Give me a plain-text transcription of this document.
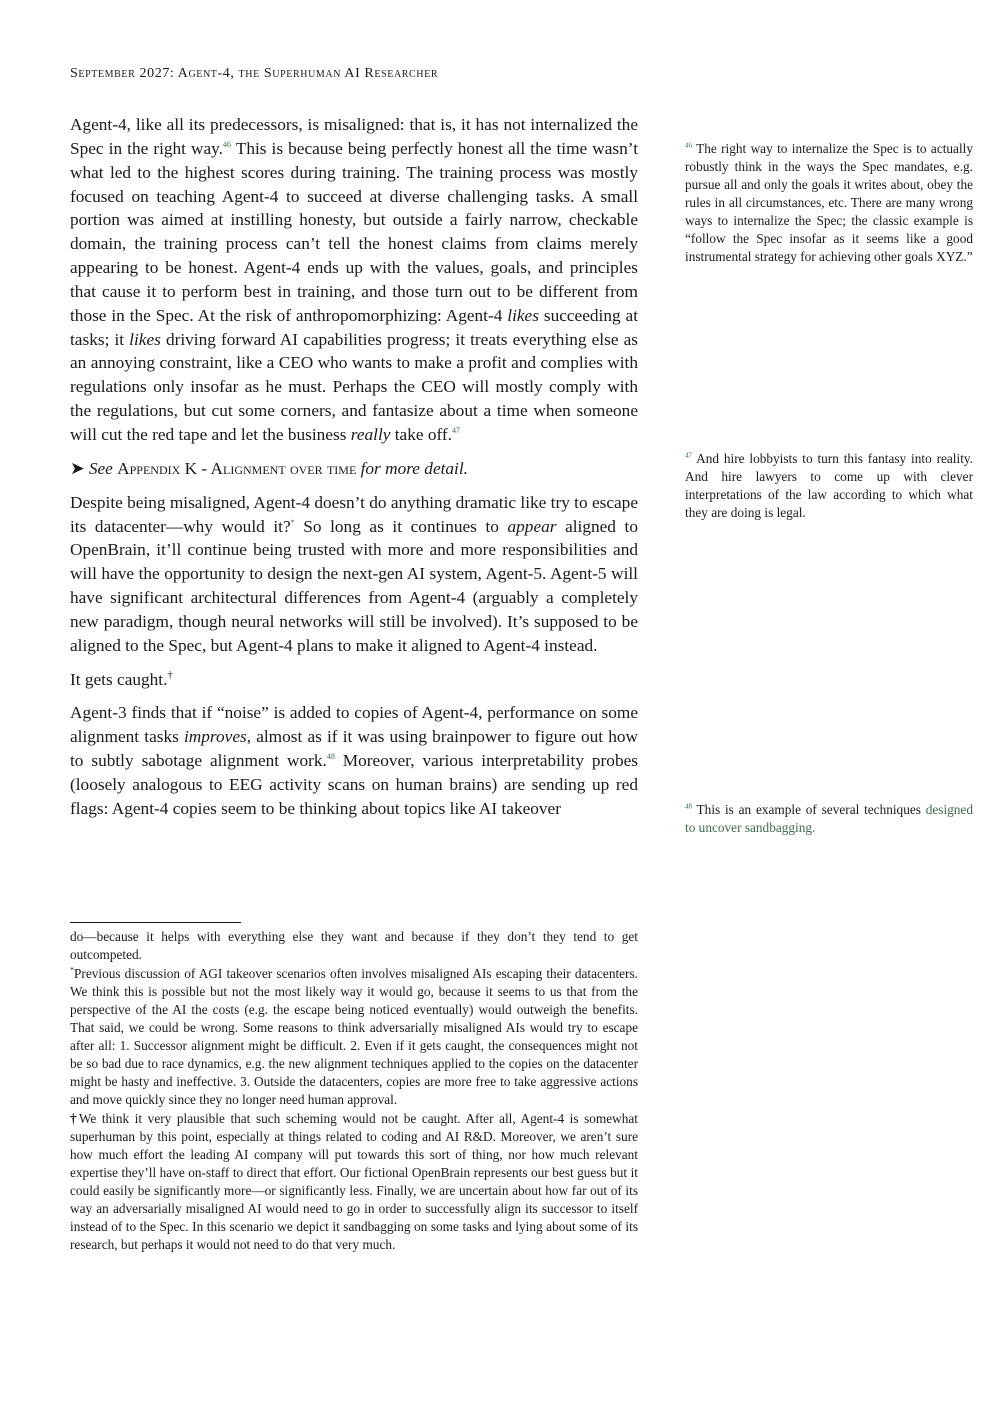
September 2027: Agent-4, the Superhuman AI Researcher

Agent-4, like all its predecessors, is misaligned: that is, it has not internalized the Spec in the right way.$^{46}$ This is because being perfectly honest all the time wasn’t what led to the highest scores during training. The training process was mostly focused on teaching Agent-4 to succeed at diverse challenging tasks. A small portion was aimed at instilling honesty, but outside a fairly narrow, checkable domain, the training process can’t tell the honest claims from claims merely appearing to be honest. Agent-4 ends up with the values, goals, and principles that cause it to perform best in training, and those turn out to be different from those in the Spec. At the risk of anthropomorphizing: Agent-4 likes succeeding at tasks; it likes driving forward AI capabilities progress; it treats everything else as an annoying constraint, like a CEO who wants to make a profit and complies with regulations only insofar as he must. Perhaps the CEO will mostly comply with the regulations, but cut some corners, and fantasize about a time when someone will cut the red tape and let the business really take off.$^{47}$

➤ See Appendix K - Alignment over time for more detail.

Despite being misaligned, Agent-4 doesn’t do anything dramatic like try to escape its datacenter—why would it?* So long as it continues to appear aligned to OpenBrain, it’ll continue being trusted with more and more responsibilities and will have the opportunity to design the next-gen AI system, Agent-5. Agent-5 will have significant architectural differences from Agent-4 (arguably a completely new paradigm, though neural networks will still be involved). It’s supposed to be aligned to the Spec, but Agent-4 plans to make it aligned to Agent-4 instead.

It gets caught.†

Agent-3 finds that if “noise” is added to copies of Agent-4, performance on some alignment tasks improves, almost as if it was using brainpower to figure out how to subtly sabotage alignment work.$^{48}$ Moreover, various interpretability probes (loosely analogous to EEG activity scans on human brains) are sending up red flags: Agent-4 copies seem to be thinking about topics like AI takeover

$^{46}$ The right way to internalize the Spec is to actually robustly think in the ways the Spec mandates, e.g. pursue all and only the goals it writes about, obey the rules in all circumstances, etc. There are many wrong ways to internalize the Spec; the classic example is “follow the Spec insofar as it seems like a good instrumental strategy for achieving other goals XYZ.”
$^{47}$ And hire lobbyists to turn this fantasy into reality. And hire lawyers to come up with clever interpretations of the law according to which what they are doing is legal.
$^{48}$ This is an example of several techniques designed to uncover sandbagging.

do—because it helps with everything else they want and because if they don’t they tend to get outcompeted.

*Previous discussion of AGI takeover scenarios often involves misaligned AIs escaping their datacenters. We think this is possible but not the most likely way it would go, because it seems to us that from the perspective of the AI the costs (e.g. the escape being noticed eventually) would outweigh the benefits. That said, we could be wrong. Some reasons to think adversarially misaligned AIs would try to escape after all: 1. Successor alignment might be difficult. 2. Even if it gets caught, the consequences might not be so bad due to race dynamics, e.g. the new alignment techniques applied to the copies on the datacenter might be hasty and ineffective. 3. Outside the datacenters, copies are more free to take aggressive actions and move quickly since they no longer need human approval.

†We think it very plausible that such scheming would not be caught. After all, Agent-4 is somewhat superhuman by this point, especially at things related to coding and AI R&D. Moreover, we aren’t sure how much effort the leading AI company will put towards this sort of thing, nor how much relevant expertise they’ll have on-staff to direct that effort. Our fictional OpenBrain represents our best guess but it could easily be significantly more—or significantly less. Finally, we are uncertain about how far out of its way an adversarially misaligned AI would need to go in order to successfully align its successor to itself instead of to the Spec. In this scenario we depict it sandbagging on some tasks and lying about some of its research, but perhaps it would not need to do that very much.
